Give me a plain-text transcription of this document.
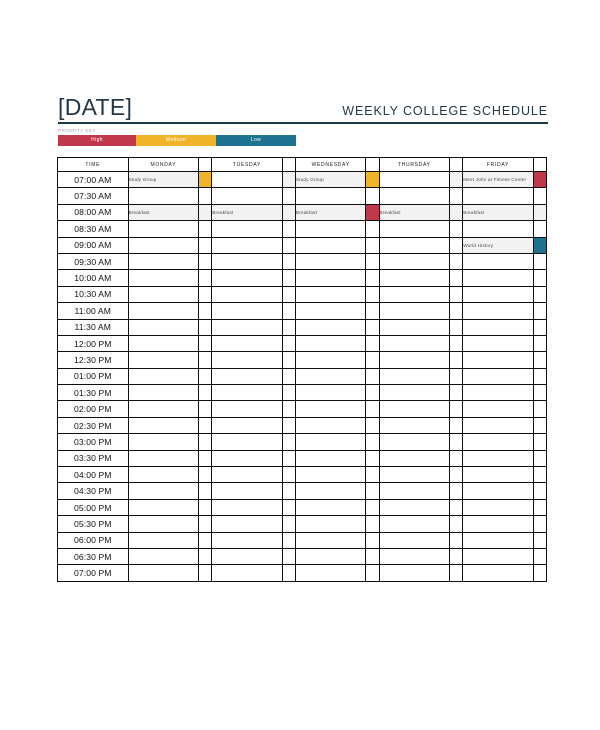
[DATE]	WEEKLY COLLEGE SCHEDULE
PRIORITY KEY:
High	Medium	Low
TIME	MONDAY		TUESDAY		WEDNESDAY		THURSDAY		FRIDAY	
07:00 AM	Study Group				Study Group				Meet John at Fitness Center	
07:30 AM										
08:00 AM	Breakfast		Breakfast		Breakfast		Breakfast		Breakfast	
08:30 AM										
09:00 AM									World History	
09:30 AM										
10:00 AM										
10:30 AM										
11:00 AM										
11:30 AM										
12:00 PM										
12:30 PM										
01:00 PM										
01:30 PM										
02:00 PM										
02:30 PM										
03:00 PM										
03:30 PM										
04:00 PM										
04:30 PM										
05:00 PM										
05:30 PM										
06:00 PM										
06:30 PM										
07:00 PM										
